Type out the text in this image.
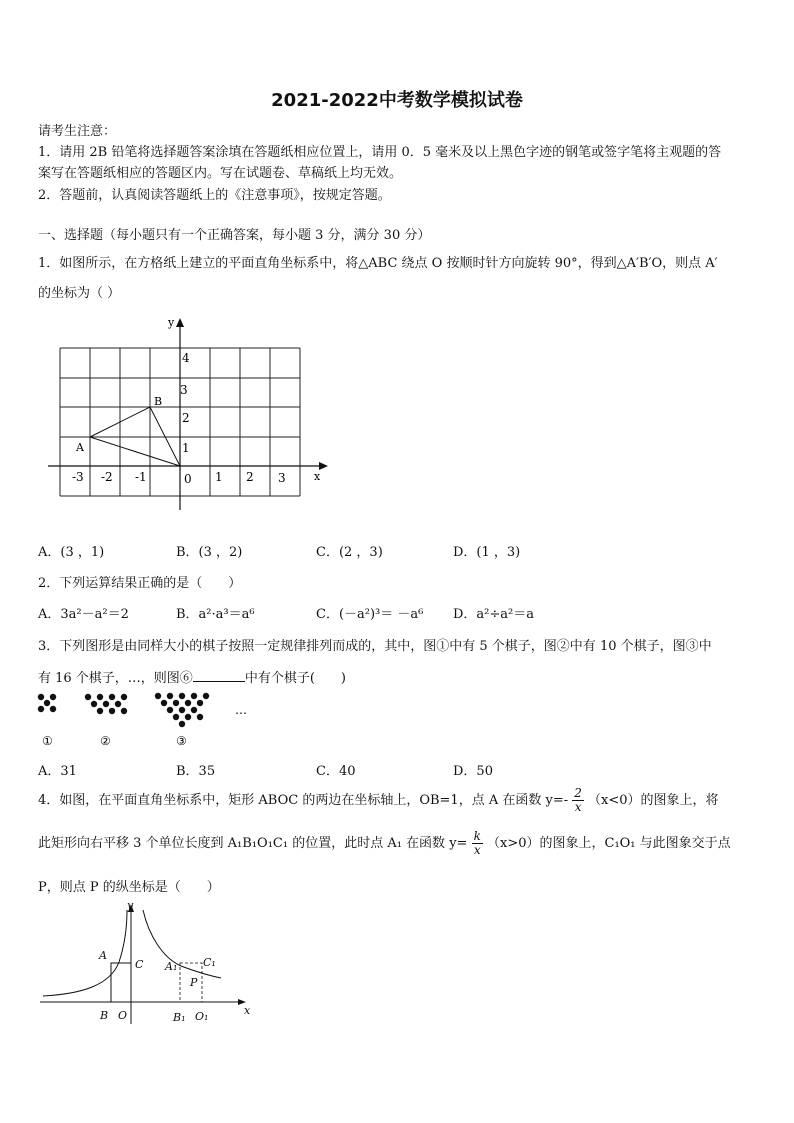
2021-2022中考数学模拟试卷
请考生注意：
1．请用 2B 铅笔将选择题答案涂填在答题纸相应位置上，请用 0．5 毫米及以上黑色字迹的钢笔或签字笔将主观题的答
案写在答题纸相应的答题区内。写在试题卷、草稿纸上均无效。
2．答题前，认真阅读答题纸上的《注意事项》，按规定答题。
一、选择题（每小题只有一个正确答案，每小题 3 分，满分 30 分）
1．如图所示，在方格纸上建立的平面直角坐标系中，将△ABC 绕点 O 按顺时针方向旋转 90°，得到△A′B′O，则点 A′
的坐标为（ ）
y
x
A
B
-3 -2 -1	0 1 2 3
1
2
3
4
A．(3 ，1)	B．(3 ，2)	C．(2 ，3)	D．(1 ，3)
2．下列运算结果正确的是（　　）
A．3a²－a²＝2	B．a²·a³＝a⁶	C．(－a²)³＝ －a⁶ D．a²÷a²＝a
3．下列图形是由同样大小的棋子按照一定规律排列而成的，其中，图①中有 5 个棋子，图②中有 10 个棋子，图③中
有 16 个棋子，…，则图⑥	中有个棋子(　　)
…
①	②	③
A．31	B．35	C．40	D．50
4．如图，在平面直角坐标系中，矩形 ABOC 的两边在坐标轴上，OB=1，点 A 在函数 $y=- \frac{2}{x} (x<0)$的图象上，将
此矩形向右平移 3 个单位长度到 A₁B₁O₁C₁ 的位置，此时点 A₁ 在函数 $y= \frac{k}{x} (x>0)$的图象上，C₁O₁ 与此图象交于点
P，则点 P 的纵坐标是（　　）
y
x
A
C
B O
A₁ C₁
P
B₁ O₁
